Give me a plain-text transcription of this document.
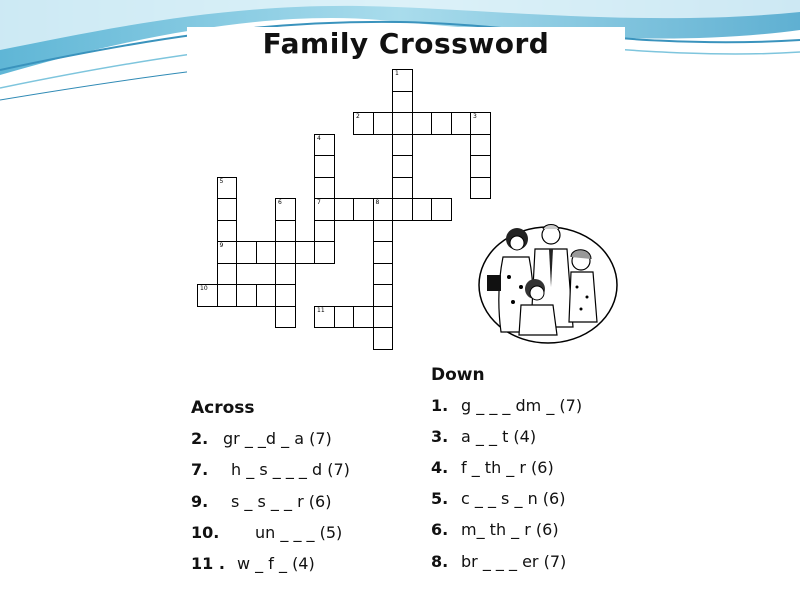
Family Crossword
1
2	3
4
7
5
9
6	8
10
11
Down
Across
2. gr _ _d _ a (7)
7. h _ s _ _ _ d (7)
9. s _ s _ _ r (6)
10. un _ _ _ (5)
11 . w _ f _ (4)
1. g _ _ _ dm _ (7)
3. a _ _ t (4)
4. f _ th _ r (6)
5. c _ _ s _ n (6)
6. m_ th _ r (6)
8. br _ _ _ er (7)
